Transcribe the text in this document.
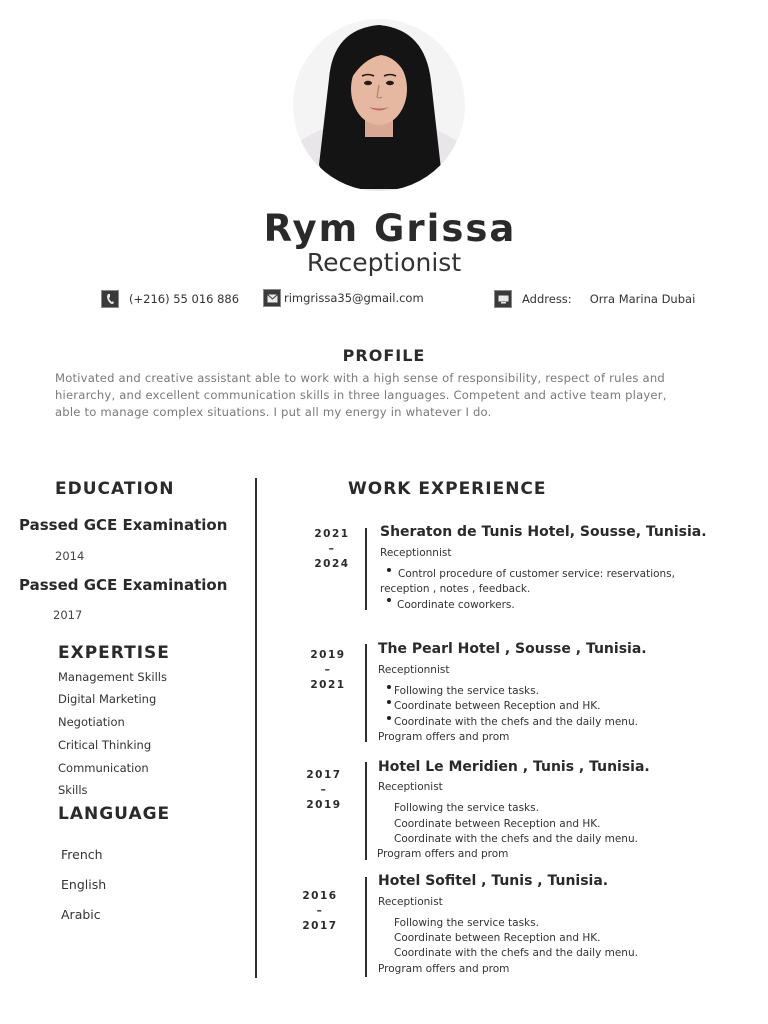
Rym Grissa
Receptionist
(+216) 55 016 886	rimgrissa35@gmail.com	Address: Orra Marina Dubai
PROFILE
Motivated and creative assistant able to work with a high sense of responsibility, respect of rules and
hierarchy, and excellent communication skills in three languages. Competent and active team player,
able to manage complex situations. I put all my energy in whatever I do.
EDUCATION
Passed GCE Examination
2014
Passed GCE Examination
2017
EXPERTISE
Management Skills
Digital Marketing
Negotiation
Critical Thinking
Communication
Skills
LANGUAGE
French
English
Arabic
WORK EXPERIENCE
2021
–
2024
Sheraton de Tunis Hotel, Sousse, Tunisia.
Receptionnist
Control procedure of customer service: reservations,
reception , notes , feedback.
Coordinate coworkers.
2019
–
2021
The Pearl Hotel , Sousse , Tunisia.
Receptionnist
Following the service tasks.
Coordinate between Reception and HK.
Coordinate with the chefs and the daily menu.
Program offers and prom
2017
–
2019
Hotel Le Meridien , Tunis , Tunisia.
Receptionist
Following the service tasks.
Coordinate between Reception and HK.
Coordinate with the chefs and the daily menu.
Program offers and prom
2016
–
2017
Hotel Sofitel , Tunis , Tunisia.
Receptionist
Following the service tasks.
Coordinate between Reception and HK.
Coordinate with the chefs and the daily menu.
Program offers and prom
